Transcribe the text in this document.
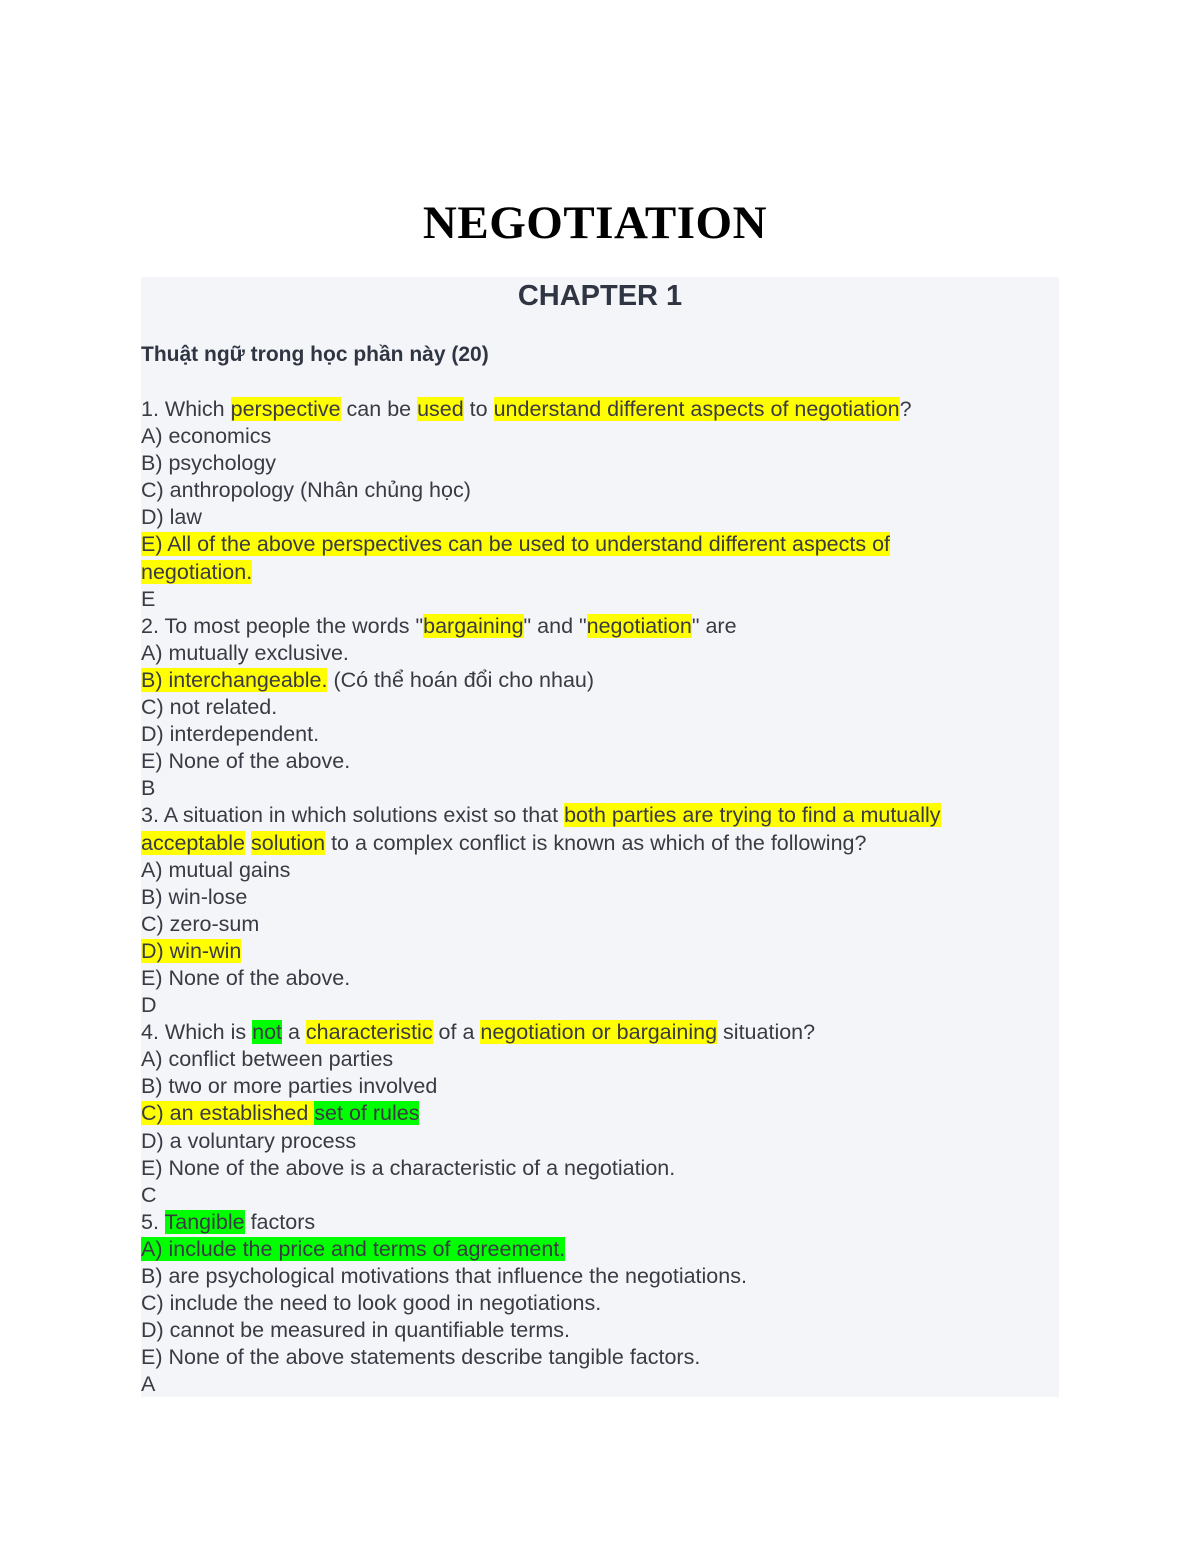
NEGOTIATION
CHAPTER 1
Thuật ngữ trong học phần này (20)
1. Which perspective can be used to understand different aspects of negotiation?
A) economics
B) psychology
C) anthropology (Nhân chủng học)
D) law
E) All of the above perspectives can be used to understand different aspects of
negotiation.
E
2. To most people the words "bargaining" and "negotiation" are
A) mutually exclusive.
B) interchangeable. (Có thể hoán đổi cho nhau)
C) not related.
D) interdependent.
E) None of the above.
B
3. A situation in which solutions exist so that both parties are trying to find a mutually
acceptable solution to a complex conflict is known as which of the following?
A) mutual gains
B) win-lose
C) zero-sum
D) win-win
E) None of the above.
D
4. Which is not a characteristic of a negotiation or bargaining situation?
A) conflict between parties
B) two or more parties involved
C) an established set of rules
D) a voluntary process
E) None of the above is a characteristic of a negotiation.
C
5. Tangible factors
A) include the price and terms of agreement.
B) are psychological motivations that influence the negotiations.
C) include the need to look good in negotiations.
D) cannot be measured in quantifiable terms.
E) None of the above statements describe tangible factors.
A
